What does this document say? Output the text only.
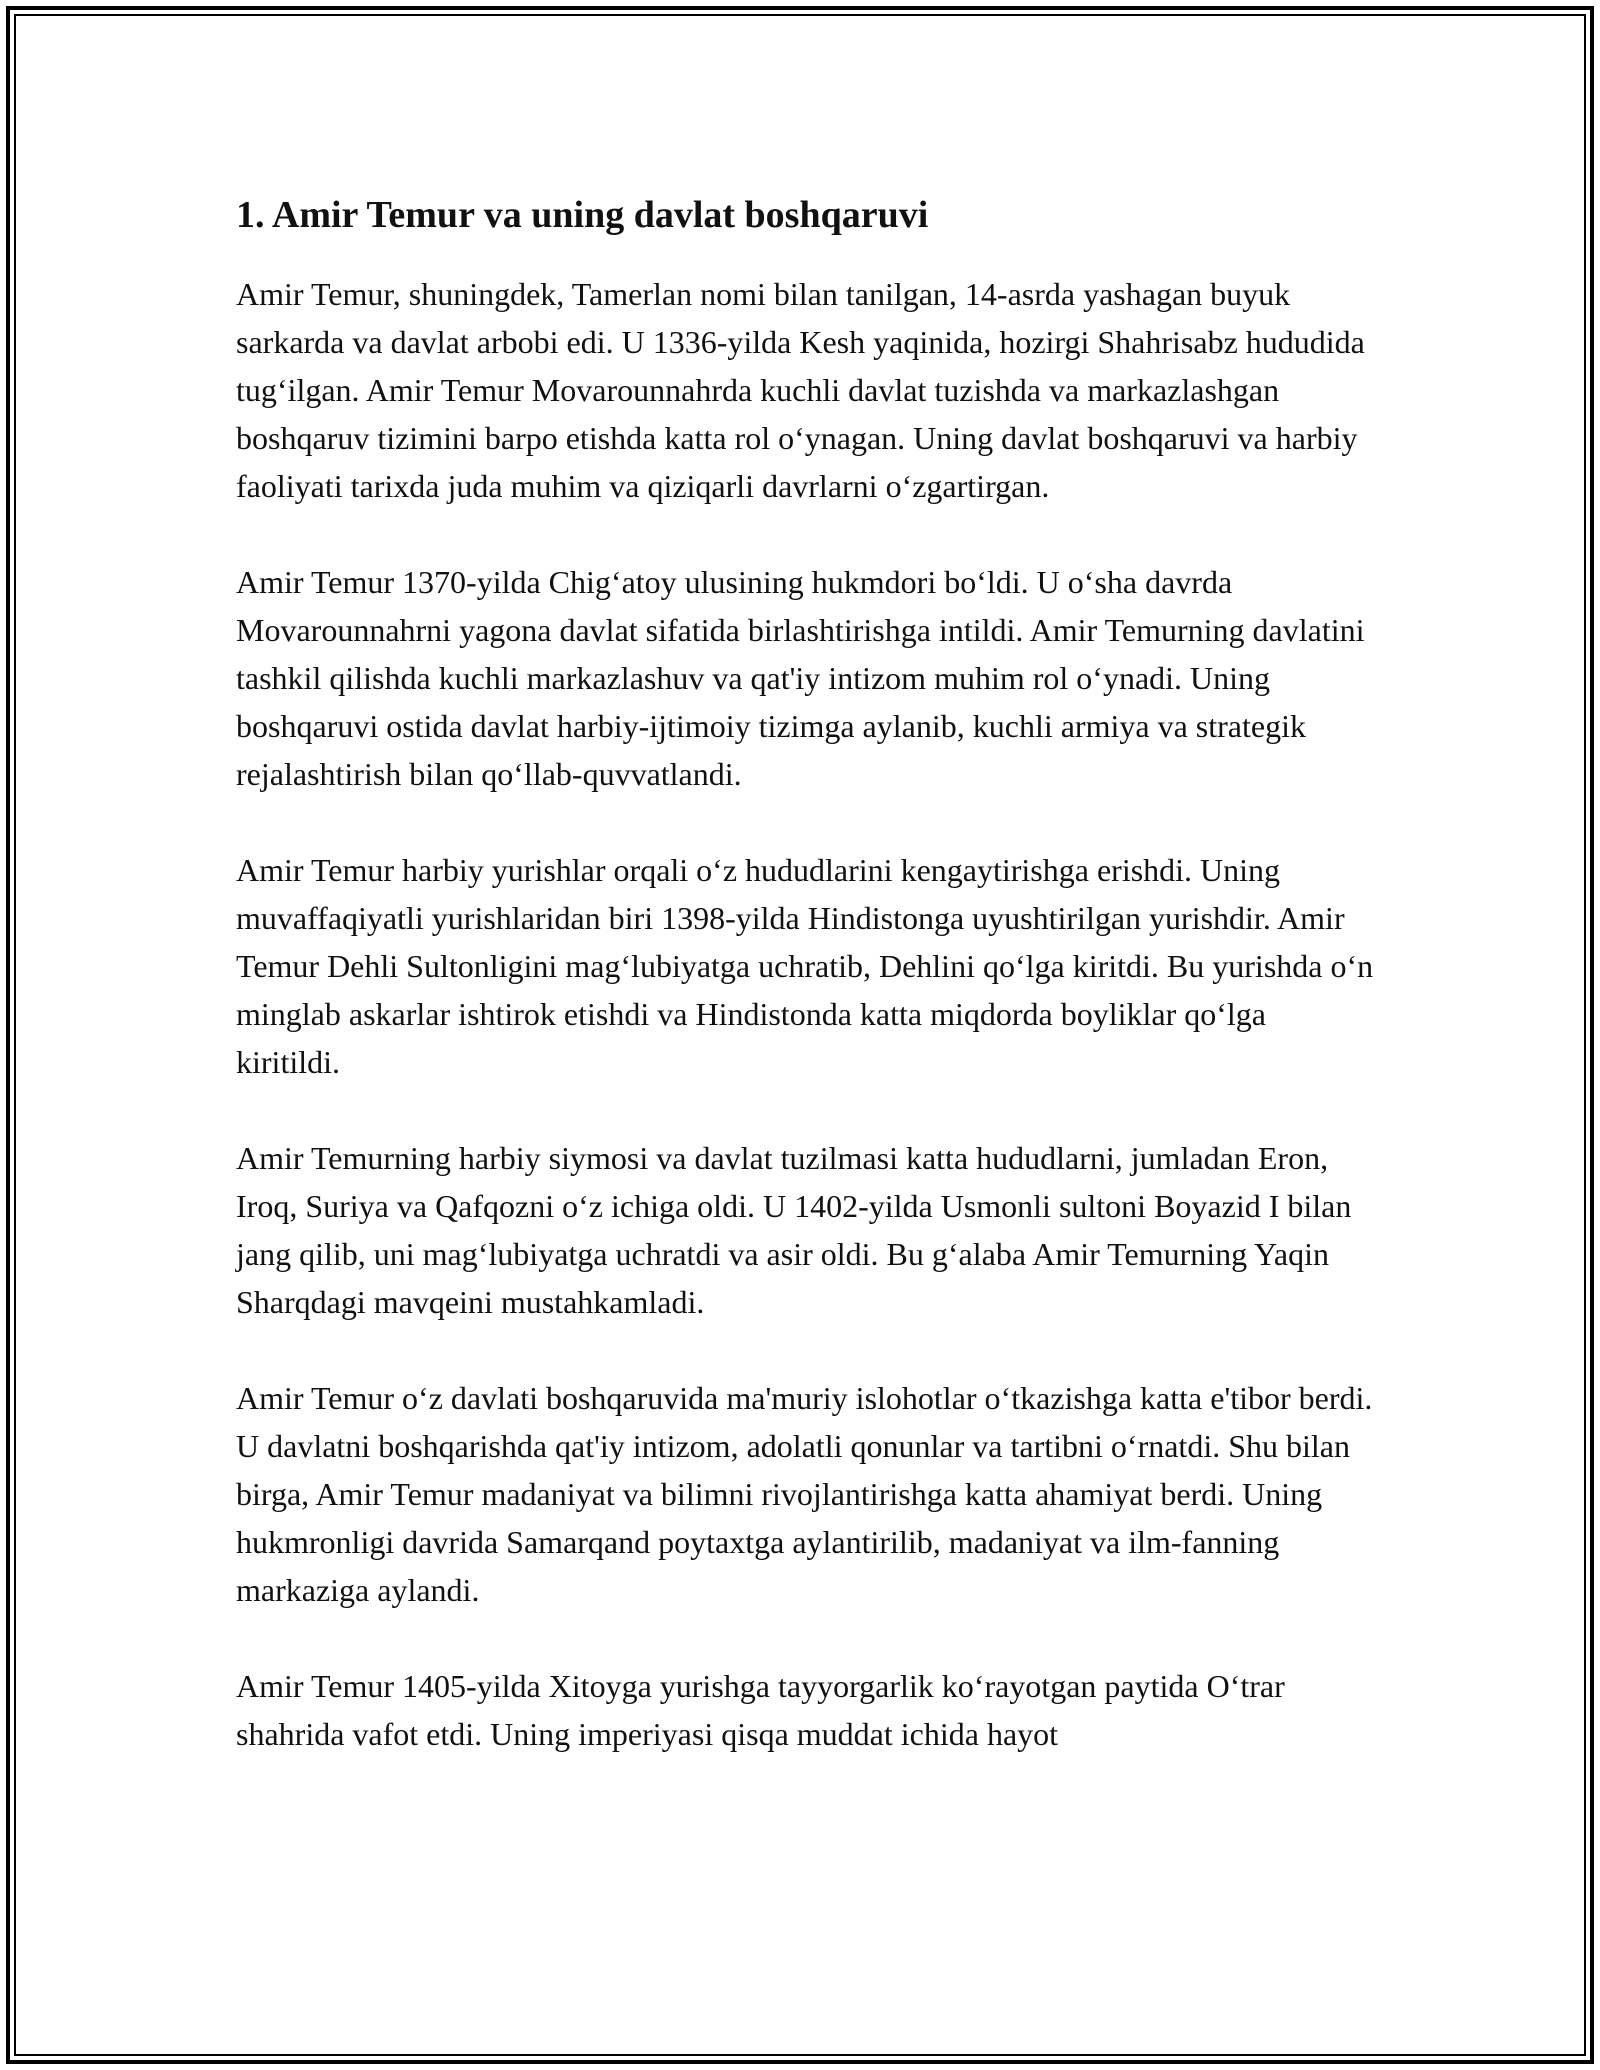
1. Amir Temur va uning davlat boshqaruvi

Amir Temur, shuningdek, Tamerlan nomi bilan tanilgan, 14-asrda yashagan buyuk sarkarda va davlat arbobi edi. U 1336-yilda Kesh yaqinida, hozirgi Shahrisabz hududida tug‘ilgan. Amir Temur Movarounnahrda kuchli davlat tuzishda va markazlashgan boshqaruv tizimini barpo etishda katta rol o‘ynagan. Uning davlat boshqaruvi va harbiy faoliyati tarixda juda muhim va qiziqarli davrlarni o‘zgartirgan.

Amir Temur 1370-yilda Chig‘atoy ulusining hukmdori bo‘ldi. U o‘sha davrda Movarounnahrni yagona davlat sifatida birlashtirishga intildi. Amir Temurning davlatini tashkil qilishda kuchli markazlashuv va qat'iy intizom muhim rol o‘ynadi. Uning boshqaruvi ostida davlat harbiy-ijtimoiy tizimga aylanib, kuchli armiya va strategik rejalashtirish bilan qo‘llab-quvvatlandi.

Amir Temur harbiy yurishlar orqali o‘z hududlarini kengaytirishga erishdi. Uning muvaffaqiyatli yurishlaridan biri 1398-yilda Hindistonga uyushtirilgan yurishdir. Amir Temur Dehli Sultonligini mag‘lubiyatga uchratib, Dehlini qo‘lga kiritdi. Bu yurishda o‘n minglab askarlar ishtirok etishdi va Hindistonda katta miqdorda boyliklar qo‘lga kiritildi.

Amir Temurning harbiy siymosi va davlat tuzilmasi katta hududlarni, jumladan Eron, Iroq, Suriya va Qafqozni o‘z ichiga oldi. U 1402-yilda Usmonli sultoni Boyazid I bilan jang qilib, uni mag‘lubiyatga uchratdi va asir oldi. Bu g‘alaba Amir Temurning Yaqin Sharqdagi mavqeini mustahkamladi.

Amir Temur o‘z davlati boshqaruvida ma'muriy islohotlar o‘tkazishga katta e'tibor berdi. U davlatni boshqarishda qat'iy intizom, adolatli qonunlar va tartibni o‘rnatdi. Shu bilan birga, Amir Temur madaniyat va bilimni rivojlantirishga katta ahamiyat berdi. Uning hukmronligi davrida Samarqand poytaxtga aylantirilib, madaniyat va ilm-fanning markaziga aylandi.

Amir Temur 1405-yilda Xitoyga yurishga tayyorgarlik ko‘rayotgan paytida O‘trar shahrida vafot etdi. Uning imperiyasi qisqa muddat ichida hayot
